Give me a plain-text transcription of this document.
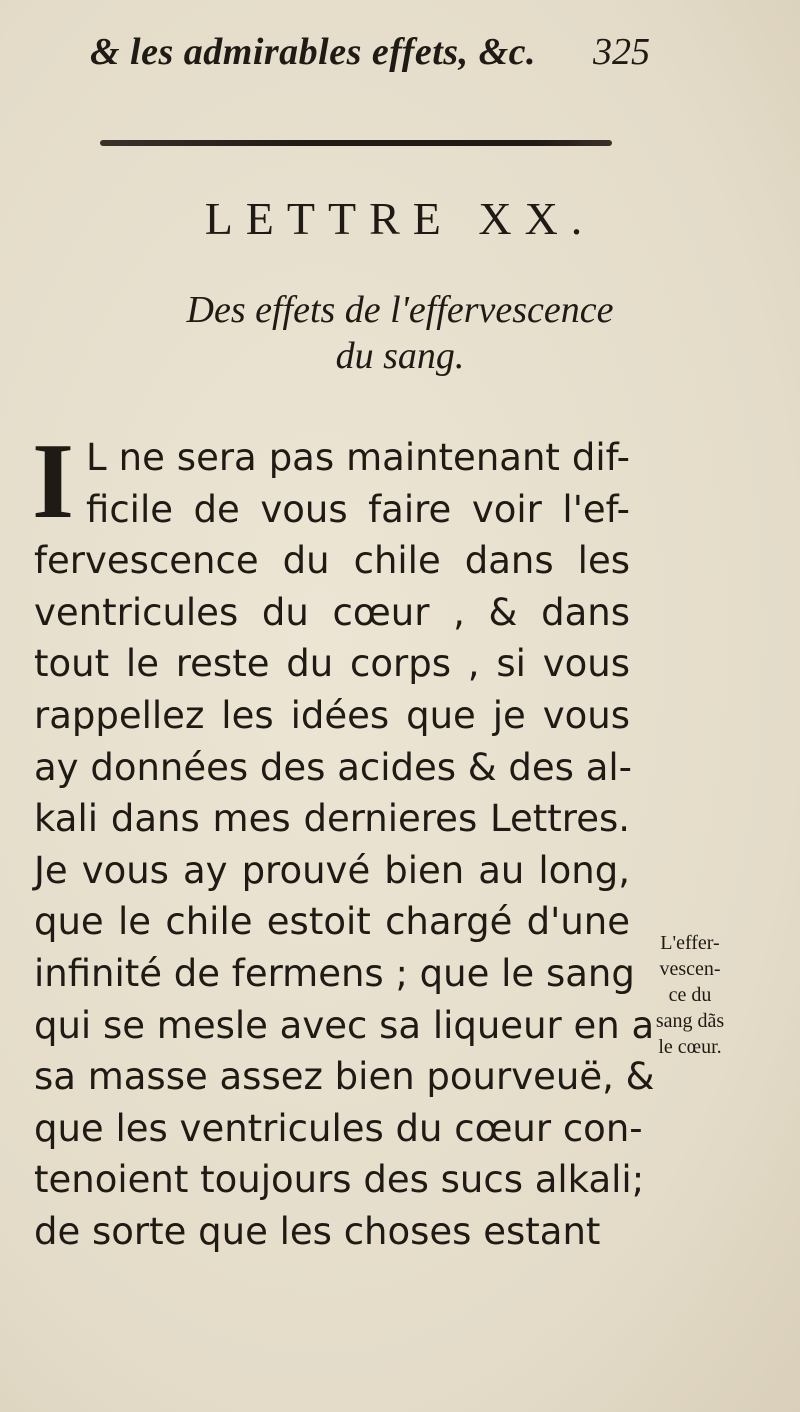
& les admirables effets, &c. 325
LETTRE XX.
Des effets de l'effervescence
du sang.
I L ne sera pas maintenant dif-
ficile de vous faire voir l'ef-
fervescence du chile dans les
ventricules du cœur , & dans
tout le reste du corps , si vous
rappellez les idées que je vous
ay données des acides & des al-
kali dans mes dernieres Lettres.
Je vous ay prouvé bien au long,
que le chile estoit chargé d'une
infinité de fermens ; que le sang
qui se mesle avec sa liqueur en a
sa masse assez bien pourveuë, &
que les ventricules du cœur con-
tenoient toujours des sucs alkali;
de sorte que les choses estant
L'effer-
vescen-
ce du
sang dãs
le cœur.
